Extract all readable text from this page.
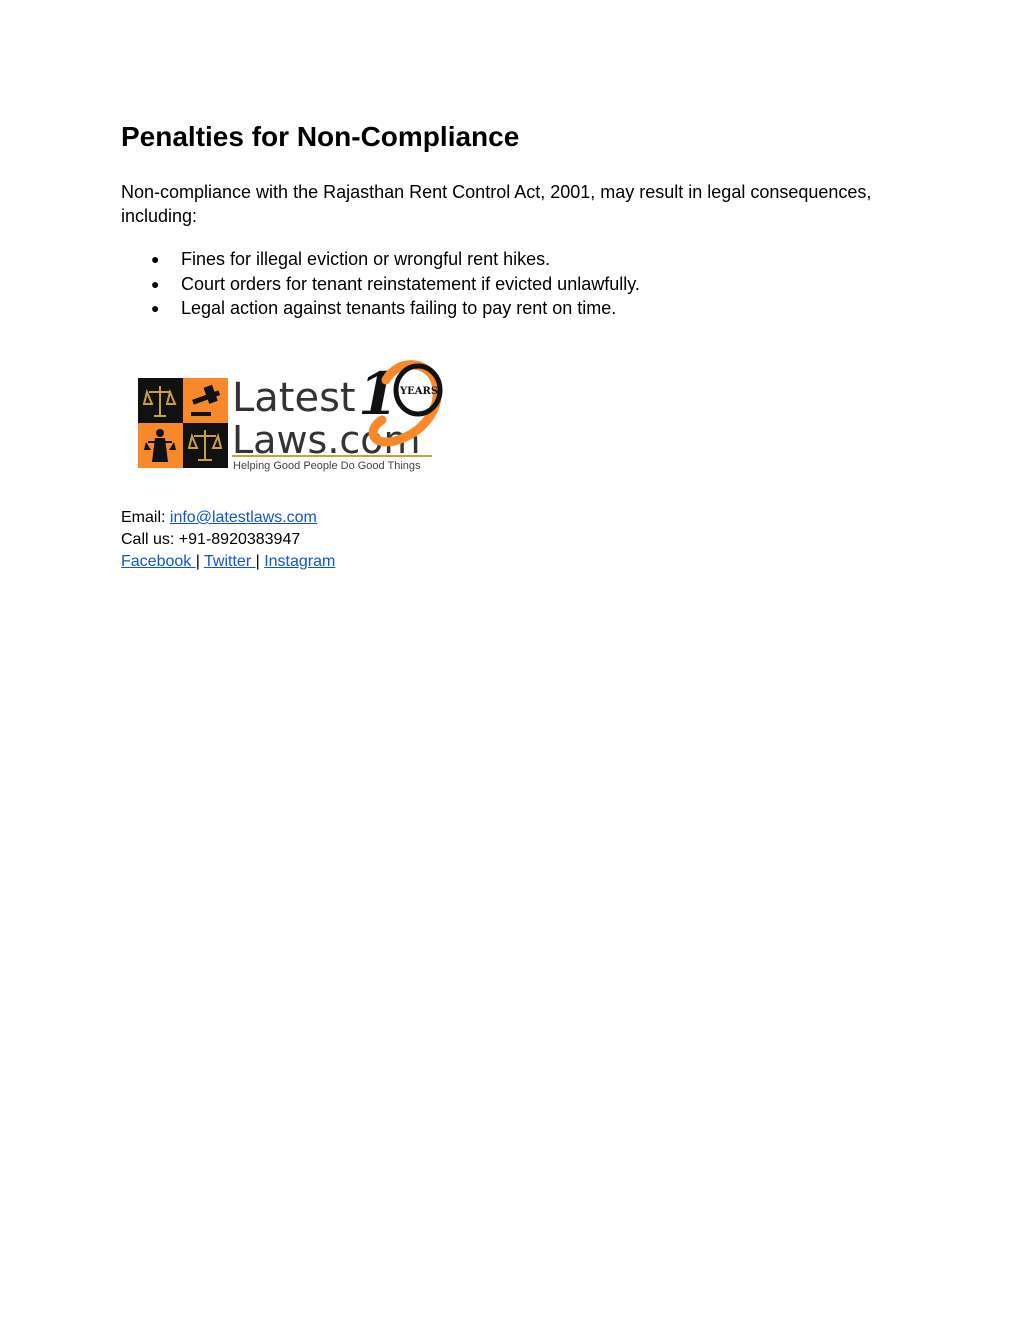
Penalties for Non-Compliance

Non-compliance with the Rajasthan Rent Control Act, 2001, may result in legal consequences, including:

● Fines for illegal eviction or wrongful rent hikes.
● Court orders for tenant reinstatement if evicted unlawfully.
● Legal action against tenants failing to pay rent on time.
Latest
Laws.com
Helping Good People Do Good Things
1 YEARS
Email: info@latestlaws.com
Call us: +91-8920383947
Facebook | Twitter | Instagram
